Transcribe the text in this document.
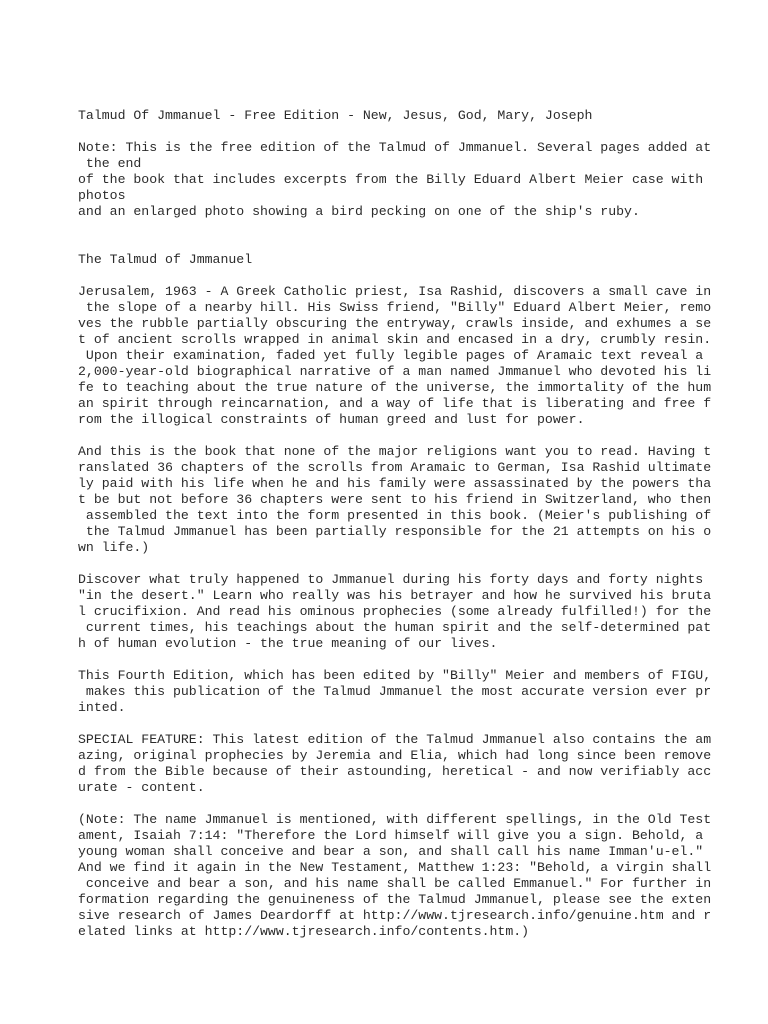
Talmud Of Jmmanuel - Free Edition - New, Jesus, God, Mary, Joseph
Note: This is the free edition of the Talmud of Jmmanuel. Several pages added at
the end
of the book that includes excerpts from the Billy Eduard Albert Meier case with
photos
and an enlarged photo showing a bird pecking on one of the ship's ruby.
The Talmud of Jmmanuel
Jerusalem, 1963 - A Greek Catholic priest, Isa Rashid, discovers a small cave in
the slope of a nearby hill. His Swiss friend, "Billy" Eduard Albert Meier, remo
ves the rubble partially obscuring the entryway, crawls inside, and exhumes a se
t of ancient scrolls wrapped in animal skin and encased in a dry, crumbly resin.
Upon their examination, faded yet fully legible pages of Aramaic text reveal a
2,000-year-old biographical narrative of a man named Jmmanuel who devoted his li
fe to teaching about the true nature of the universe, the immortality of the hum
an spirit through reincarnation, and a way of life that is liberating and free f
rom the illogical constraints of human greed and lust for power.
And this is the book that none of the major religions want you to read. Having t
ranslated 36 chapters of the scrolls from Aramaic to German, Isa Rashid ultimate
ly paid with his life when he and his family were assassinated by the powers tha
t be but not before 36 chapters were sent to his friend in Switzerland, who then
assembled the text into the form presented in this book. (Meier's publishing of
the Talmud Jmmanuel has been partially responsible for the 21 attempts on his o
wn life.)
Discover what truly happened to Jmmanuel during his forty days and forty nights
"in the desert." Learn who really was his betrayer and how he survived his bruta
l crucifixion. And read his ominous prophecies (some already fulfilled!) for the
current times, his teachings about the human spirit and the self-determined pat
h of human evolution - the true meaning of our lives.
This Fourth Edition, which has been edited by "Billy" Meier and members of FIGU,
makes this publication of the Talmud Jmmanuel the most accurate version ever pr
inted.
SPECIAL FEATURE: This latest edition of the Talmud Jmmanuel also contains the am
azing, original prophecies by Jeremia and Elia, which had long since been remove
d from the Bible because of their astounding, heretical - and now verifiably acc
urate - content.
(Note: The name Jmmanuel is mentioned, with different spellings, in the Old Test
ament, Isaiah 7:14: "Therefore the Lord himself will give you a sign. Behold, a
young woman shall conceive and bear a son, and shall call his name Imman'u-el."
And we find it again in the New Testament, Matthew 1:23: "Behold, a virgin shall
conceive and bear a son, and his name shall be called Emmanuel." For further in
formation regarding the genuineness of the Talmud Jmmanuel, please see the exten
sive research of James Deardorff at http://www.tjresearch.info/genuine.htm and r
elated links at http://www.tjresearch.info/contents.htm.)
